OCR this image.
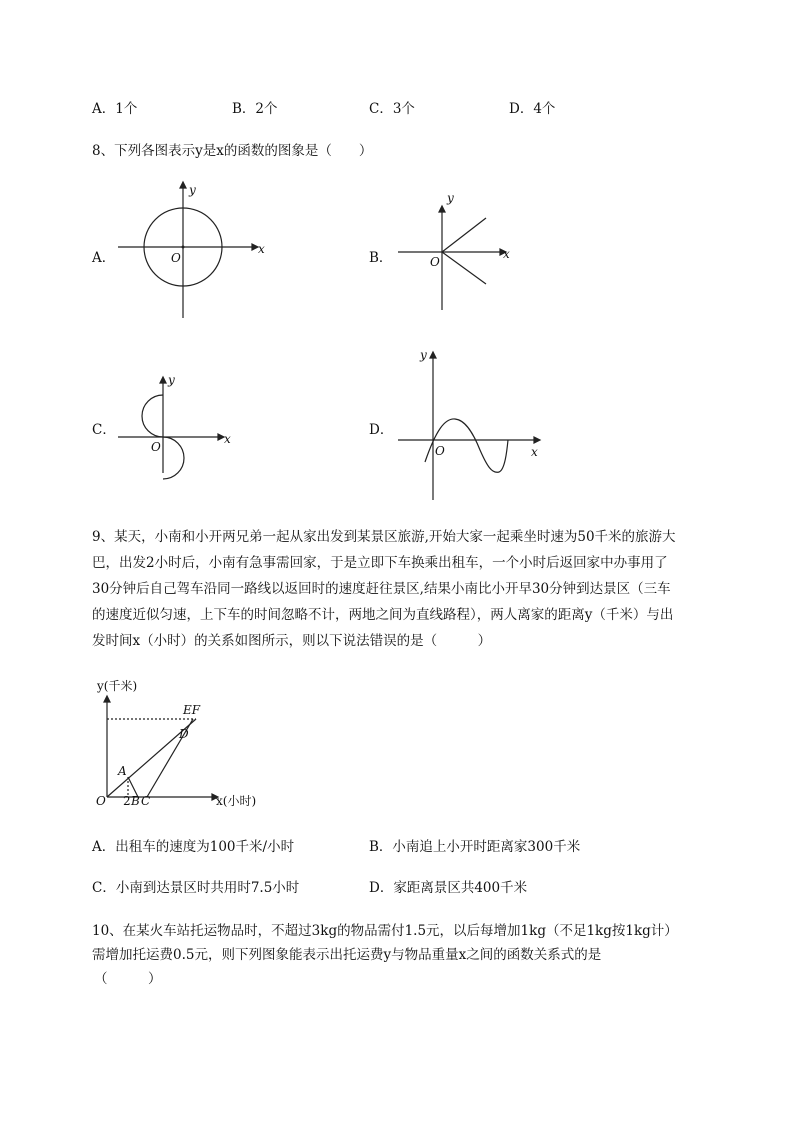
A．1个	B．2个	C．3个	D．4个
8、下列各图表示y是x的函数的图象是（　　）
A．
y
x
O	B．
y
x
O
C．
y
x
O
D．
y
x
O
9、某天，小南和小开两兄弟一起从家出发到某景区旅游,开始大家一起乘坐时速为50千米的旅游大
巴，出发2小时后，小南有急事需回家，于是立即下车换乘出租车，一个小时后返回家中办事用了
30分钟后自己驾车沿同一路线以返回时的速度赶往景区,结果小南比小开早30分钟到达景区（三车
的速度近似匀速，上下车的时间忽略不计，两地之间为直线路程），两人离家的距离y（千米）与出
发时间x（小时）的关系如图所示，则以下说法错误的是（　　　）
y(千米)
x(小时)
O 2 B C
A
D
EF
A．出租车的速度为100千米/小时	B．小南追上小开时距离家300千米
C．小南到达景区时共用时7.5小时	D．家距离景区共400千米
10、在某火车站托运物品时，不超过3kg的物品需付1.5元，以后每增加1kg（不足1kg按1kg计）
需增加托运费0.5元，则下列图象能表示出托运费y与物品重量x之间的函数关系式的是
（　　　）
